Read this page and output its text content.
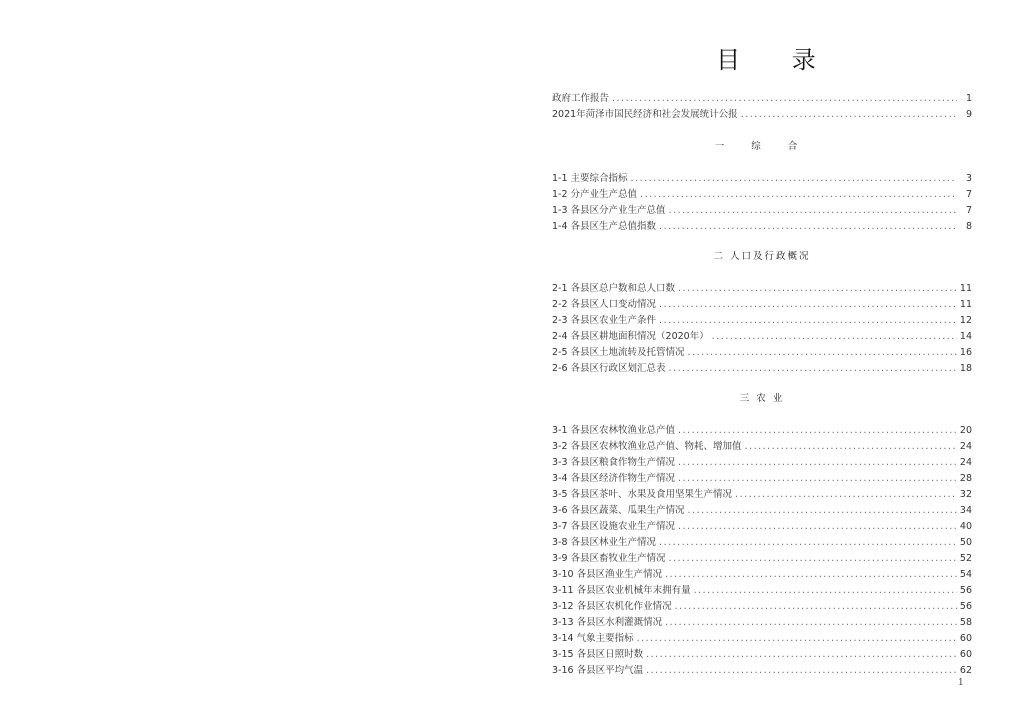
目 录
政府工作报告 .....	1
2021年菏泽市国民经济和社会发展统计公报 .....	9
一 综 合
1-1 主要综合指标 .....	3
1-2 分产业生产总值 .....	7
1-3 各县区分产业生产总值 .....	7
1-4 各县区生产总值指数 .....	8
二 人口及行政概况
2-1 各县区总户数和总人口数 .....	11
2-2 各县区人口变动情况 .....	11
2-3 各县区农业生产条件 .....	12
2-4 各县区耕地面积情况（2020年） .....	14
2-5 各县区土地流转及托管情况 .....	16
2-6 各县区行政区划汇总表 .....	18
三 农 业
3-1 各县区农林牧渔业总产值 .....	20
3-2 各县区农林牧渔业总产值、物耗、增加值 .....	24
3-3 各县区粮食作物生产情况 .....	24
3-4 各县区经济作物生产情况 .....	28
3-5 各县区茶叶、水果及食用坚果生产情况 .....	32
3-6 各县区蔬菜、瓜果生产情况 .....	34
3-7 各县区设施农业生产情况 .....	40
3-8 各县区林业生产情况 .....	50
3-9 各县区畜牧业生产情况 .....	52
3-10 各县区渔业生产情况 .....	54
3-11 各县区农业机械年末拥有量 .....	56
3-12 各县区农机化作业情况 .....	56
3-13 各县区水利灌溉情况 .....	58
3-14 气象主要指标 .....	60
3-15 各县区日照时数 .....	60
3-16 各县区平均气温 .....	62
1
